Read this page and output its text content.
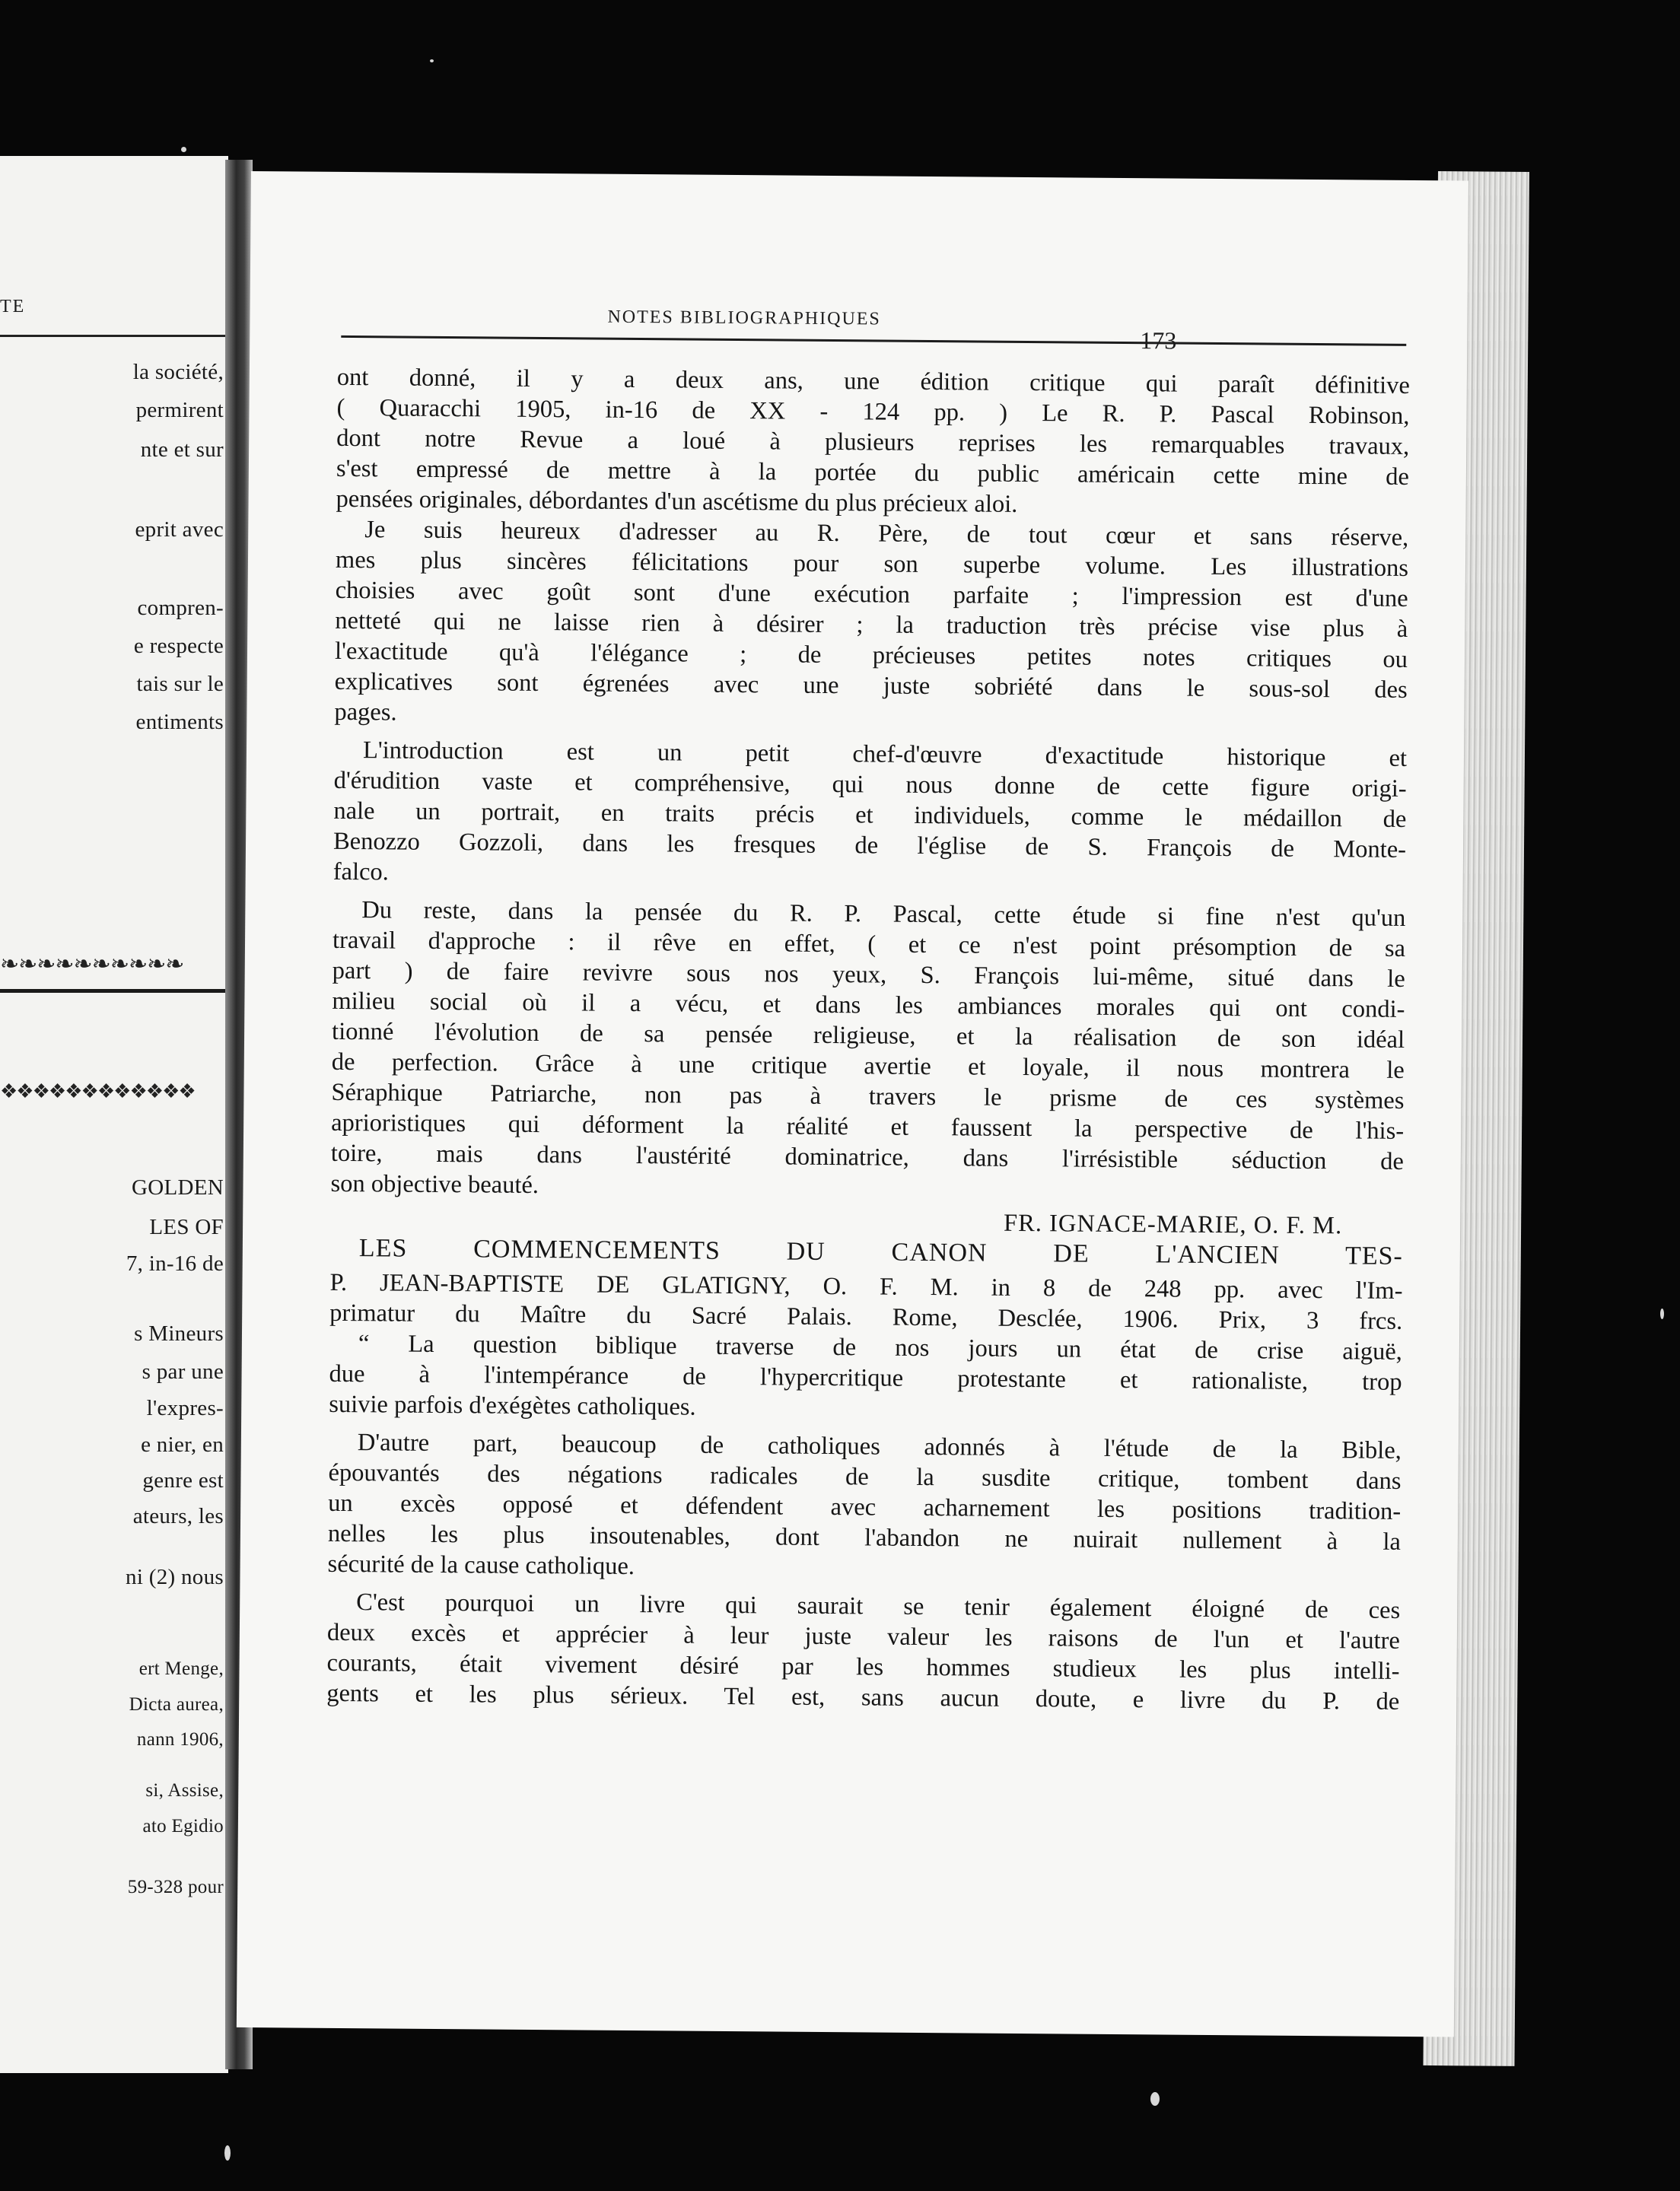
TE
la société,
permirent
nte et sur
eprit avec
compren-
e respecte
tais sur le
entiments
GOLDEN
LES OF
7, in-16 de
s Mineurs
s par une
l'expres-
e nier, en
genre est
ateurs, les
ni (2) nous
ert Menge,
Dicta aurea,
nann 1906,
si, Assise,
ato Egidio
59-328 pour
❧❧❧❧❧❧❧❧❧❧
❖❖❖❖❖❖❖❖❖❖❖❖
NOTES BIBLIOGRAPHIQUES
173
ont donné, il y a deux ans, une édition critique qui paraît définitive
( Quaracchi 1905, in-16 de XX - 124 pp. ) Le R. P. Pascal Robinson,
dont notre Revue a loué à plusieurs reprises les remarquables travaux,
s'est empressé de mettre à la portée du public américain cette mine de
pensées originales, débordantes d'un ascétisme du plus précieux aloi.
Je suis heureux d'adresser au R. Père, de tout cœur et sans réserve,
mes plus sincères félicitations pour son superbe volume. Les illustrations
choisies avec goût sont d'une exécution parfaite ; l'impression est d'une
netteté qui ne laisse rien à désirer ; la traduction très précise vise plus à
l'exactitude qu'à l'élégance ; de précieuses petites notes critiques ou
explicatives sont égrenées avec une juste sobriété dans le sous-sol des
pages.
L'introduction est un petit chef-d'œuvre d'exactitude historique et
d'érudition vaste et compréhensive, qui nous donne de cette figure origi-
nale un portrait, en traits précis et individuels, comme le médaillon de
Benozzo Gozzoli, dans les fresques de l'église de S. François de Monte-
falco.
Du reste, dans la pensée du R. P. Pascal, cette étude si fine n'est qu'un
travail d'approche : il rêve en effet, ( et ce n'est point présomption de sa
part ) de faire revivre sous nos yeux, S. François lui-même, situé dans le
milieu social où il a vécu, et dans les ambiances morales qui ont condi-
tionné l'évolution de sa pensée religieuse, et la réalisation de son idéal
de perfection. Grâce à une critique avertie et loyale, il nous montrera le
Séraphique Patriarche, non pas à travers le prisme de ces systèmes
aprioristiques qui déforment la réalité et faussent la perspective de l'his-
toire, mais dans l'austérité dominatrice, dans l'irrésistible séduction de
son objective beauté.
FR. IGNACE-MARIE, O. F. M.
LES COMMENCEMENTS DU CANON DE L'ANCIEN TES-
P. JEAN-BAPTISTE DE GLATIGNY, O. F. M. in 8 de 248 pp. avec l'Im-
primatur du Maître du Sacré Palais. Rome, Desclée, 1906. Prix, 3 frcs.
“ La question biblique traverse de nos jours un état de crise aiguë,
due à l'intempérance de l'hypercritique protestante et rationaliste, trop
suivie parfois d'exégètes catholiques.
D'autre part, beaucoup de catholiques adonnés à l'étude de la Bible,
épouvantés des négations radicales de la susdite critique, tombent dans
un excès opposé et défendent avec acharnement les positions tradition-
nelles les plus insoutenables, dont l'abandon ne nuirait nullement à la
sécurité de la cause catholique.
C'est pourquoi un livre qui saurait se tenir également éloigné de ces
deux excès et apprécier à leur juste valeur les raisons de l'un et l'autre
courants, était vivement désiré par les hommes studieux les plus intelli-
gents et les plus sérieux. Tel est, sans aucun doute, e livre du P. de
